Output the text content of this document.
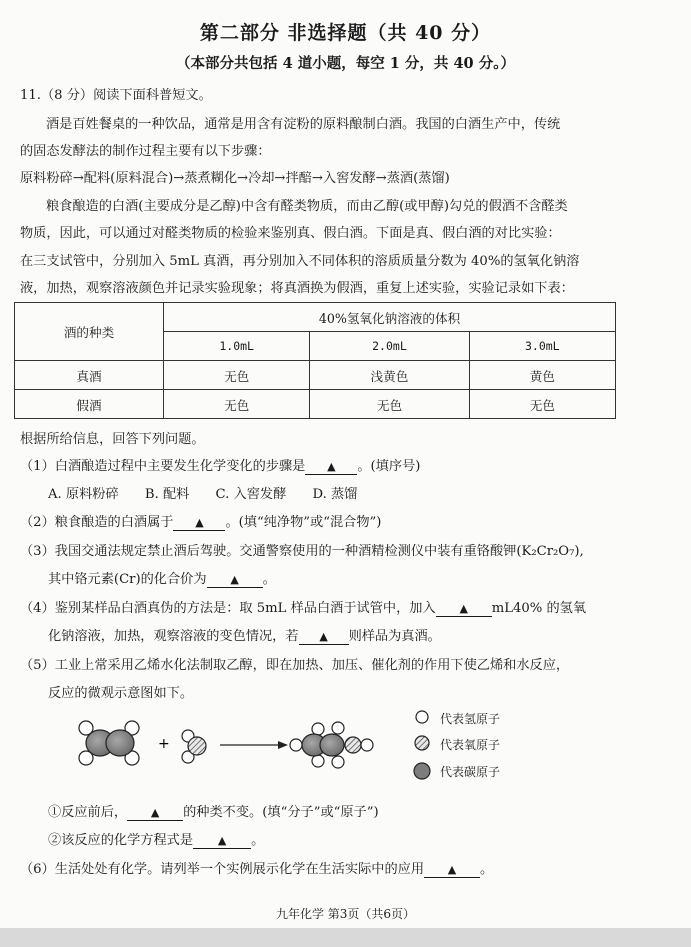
第二部分 非选择题（共 40 分）
（本部分共包括 4 道小题，每空 1 分，共 40 分。）
11.（8 分）阅读下面科普短文。
酒是百姓餐桌的一种饮品，通常是用含有淀粉的原料酿制白酒。我国的白酒生产中，传统
的固态发酵法的制作过程主要有以下步骤：
原料粉碎→配料(原料混合)→蒸煮糊化→冷却→拌醅→入窖发酵→蒸酒(蒸馏)
粮食酿造的白酒(主要成分是乙醇)中含有醛类物质，而由乙醇(或甲醇)勾兑的假酒不含醛类
物质，因此，可以通过对醛类物质的检验来鉴别真、假白酒。下面是真、假白酒的对比实验：
在三支试管中，分别加入 5mL 真酒，再分别加入不同体积的溶质质量分数为 40%的氢氧化钠溶
液，加热，观察溶液颜色并记录实验现象；将真酒换为假酒，重复上述实验，实验记录如下表：
酒的种类	40%氢氧化钠溶液的体积		
	1.0mL	2.0mL	3.0mL
真酒	无色	浅黄色	黄色
假酒	无色	无色	无色
根据所给信息，回答下列问题。
（1）白酒酿造过程中主要发生化学变化的步骤是 ▲ 。(填序号)
A. 原料粉碎 B. 配料 C. 入窖发酵 D. 蒸馏
（2）粮食酿造的白酒属于 ▲ 。(填“纯净物”或“混合物”)
（3）我国交通法规定禁止酒后驾驶。交通警察使用的一种酒精检测仪中装有重铬酸钾(K₂Cr₂O₇),
其中铬元素(Cr)的化合价为 ▲ 。
（4）鉴别某样品白酒真伪的方法是：取 5mL 样品白酒于试管中，加入 ▲ mL40% 的氢氧
化钠溶液，加热，观察溶液的变色情况，若 ▲ 则样品为真酒。
（5）工业上常采用乙烯水化法制取乙醇，即在加热、加压、催化剂的作用下使乙烯和水反应，
反应的微观示意图如下。
+
代表氢原子
代表氧原子
代表碳原子
①反应前后， ▲ 的种类不变。(填“分子”或“原子”)
②该反应的化学方程式是 ▲ 。
（6）生活处处有化学。请列举一个实例展示化学在生活实际中的应用 ▲ 。
九年化学 第3页（共6页）
